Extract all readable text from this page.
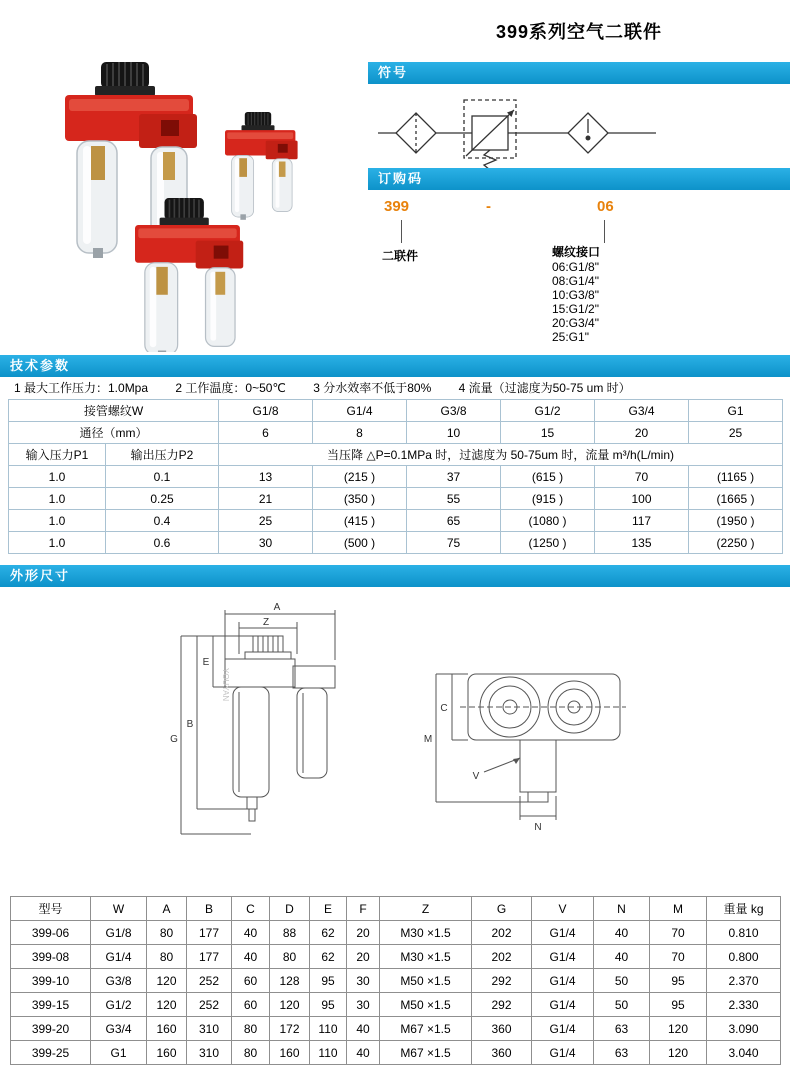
399系列空气二联件
符号
订购码
399	-	06
二联件	螺纹接口
06:G1/8"
08:G1/4"
10:G3/8"
15:G1/2"
20:G3/4"
25:G1"
技术参数
1 最大工作压力：1.0Mpa 2 工作温度：0~50℃ 3 分水效率不低于80% 4 流量（过滤度为50-75 um 时）
接管螺纹W		G1/8	G1/4	G3/8	G1/2	G3/4	G1
通径（mm）		6	8	10	15	20	25
输入压力P1	输出压力P2	当压降 △P=0.1MPa 时，过滤度为 50-75um 时，流量 m³/h(L/min)					
1.0	0.1	13	(215 )	37	(615 )	70	(1165 )
1.0	0.25	21	(350 )	55	(915 )	100	(1665 )
1.0	0.4	25	(415 )	65	(1080 )	117	(1950 )
1.0	0.6	30	(500 )	75	(1250 )	135	(2250 )
外形尺寸
A
Z
E
B
G
YOUYAN
M
C
N
V
型号	W	A	B	C	D	E	F	Z	G	V	N	M	重量 kg
399-06	G1/8	80	177	40	88	62	20	M30 ×1.5	202	G1/4	40	70	0.810
399-08	G1/4	80	177	40	80	62	20	M30 ×1.5	202	G1/4	40	70	0.800
399-10	G3/8	120	252	60	128	95	30	M50 ×1.5	292	G1/4	50	95	2.370
399-15	G1/2	120	252	60	120	95	30	M50 ×1.5	292	G1/4	50	95	2.330
399-20	G3/4	160	310	80	172	110	40	M67 ×1.5	360	G1/4	63	120	3.090
399-25	G1	160	310	80	160	110	40	M67 ×1.5	360	G1/4	63	120	3.040
